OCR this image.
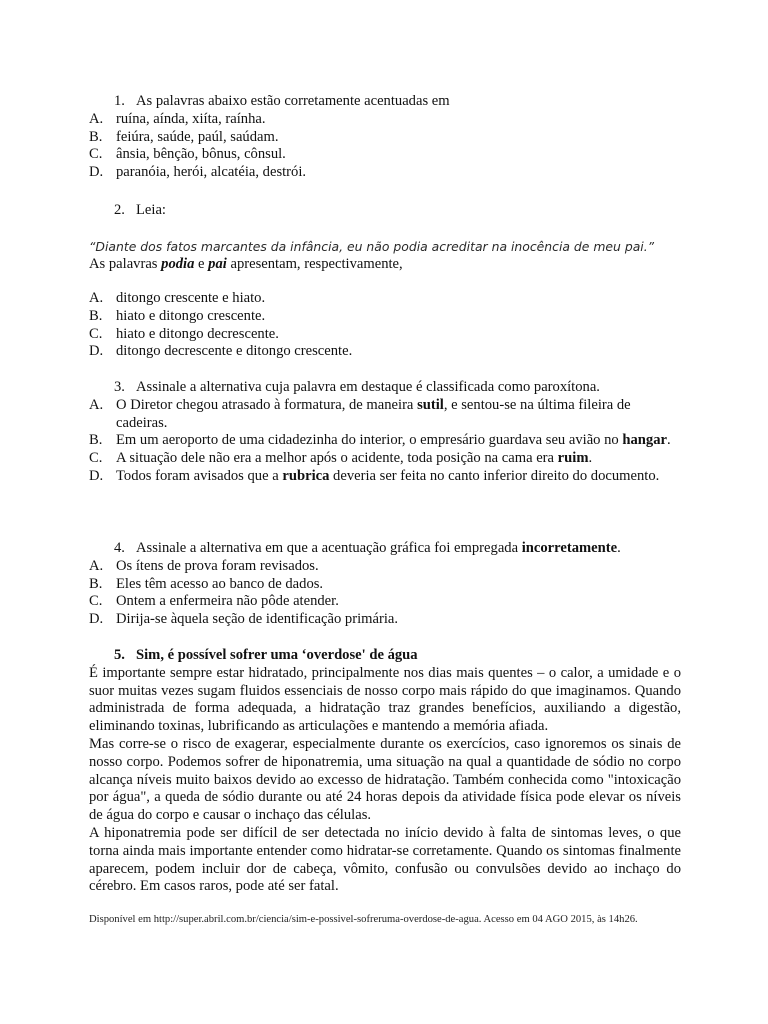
1. As palavras abaixo estão corretamente acentuadas em
A. ruína, aínda, xiíta, raínha.
B. feiúra, saúde, paúl, saúdam.
C. ânsia, bênção, bônus, cônsul.
D. paranóia, herói, alcatéia, destrói.
2. Leia:
“Diante dos fatos marcantes da infância, eu não podia acreditar na inocência de meu pai.”
As palavras podia e pai apresentam, respectivamente,
A. ditongo crescente e hiato.
B. hiato e ditongo crescente.
C. hiato e ditongo decrescente.
D. ditongo decrescente e ditongo crescente.
3. Assinale a alternativa cuja palavra em destaque é classificada como paroxítona.
A. O Diretor chegou atrasado à formatura, de maneira sutil, e sentou-se na última fileira de cadeiras.
B. Em um aeroporto de uma cidadezinha do interior, o empresário guardava seu avião no hangar.
C. A situação dele não era a melhor após o acidente, toda posição na cama era ruim.
D. Todos foram avisados que a rubrica deveria ser feita no canto inferior direito do documento.
4. Assinale a alternativa em que a acentuação gráfica foi empregada incorretamente.
A. Os ítens de prova foram revisados.
B. Eles têm acesso ao banco de dados.
C. Ontem a enfermeira não pôde atender.
D. Dirija-se àquela seção de identificação primária.
5. Sim, é possível sofrer uma ‘overdose' de água
É importante sempre estar hidratado, principalmente nos dias mais quentes – o calor, a umidade e o suor muitas vezes sugam fluidos essenciais de nosso corpo mais rápido do que imaginamos. Quando administrada de forma adequada, a hidratação traz grandes benefícios, auxiliando a digestão, eliminando toxinas, lubrificando as articulações e mantendo a memória afiada.
Mas corre-se o risco de exagerar, especialmente durante os exercícios, caso ignoremos os sinais de nosso corpo. Podemos sofrer de hiponatremia, uma situação na qual a quantidade de sódio no corpo alcança níveis muito baixos devido ao excesso de hidratação. Também conhecida como "intoxicação por água", a queda de sódio durante ou até 24 horas depois da atividade física pode elevar os níveis de água do corpo e causar o inchaço das células.
A hiponatremia pode ser difícil de ser detectada no início devido à falta de sintomas leves, o que torna ainda mais importante entender como hidratar-se corretamente. Quando os sintomas finalmente aparecem, podem incluir dor de cabeça, vômito, confusão ou convulsões devido ao inchaço do cérebro. Em casos raros, pode até ser fatal.
Disponível em http://super.abril.com.br/ciencia/sim-e-possivel-sofreruma-overdose-de-agua. Acesso em 04 AGO 2015, às 14h26.
